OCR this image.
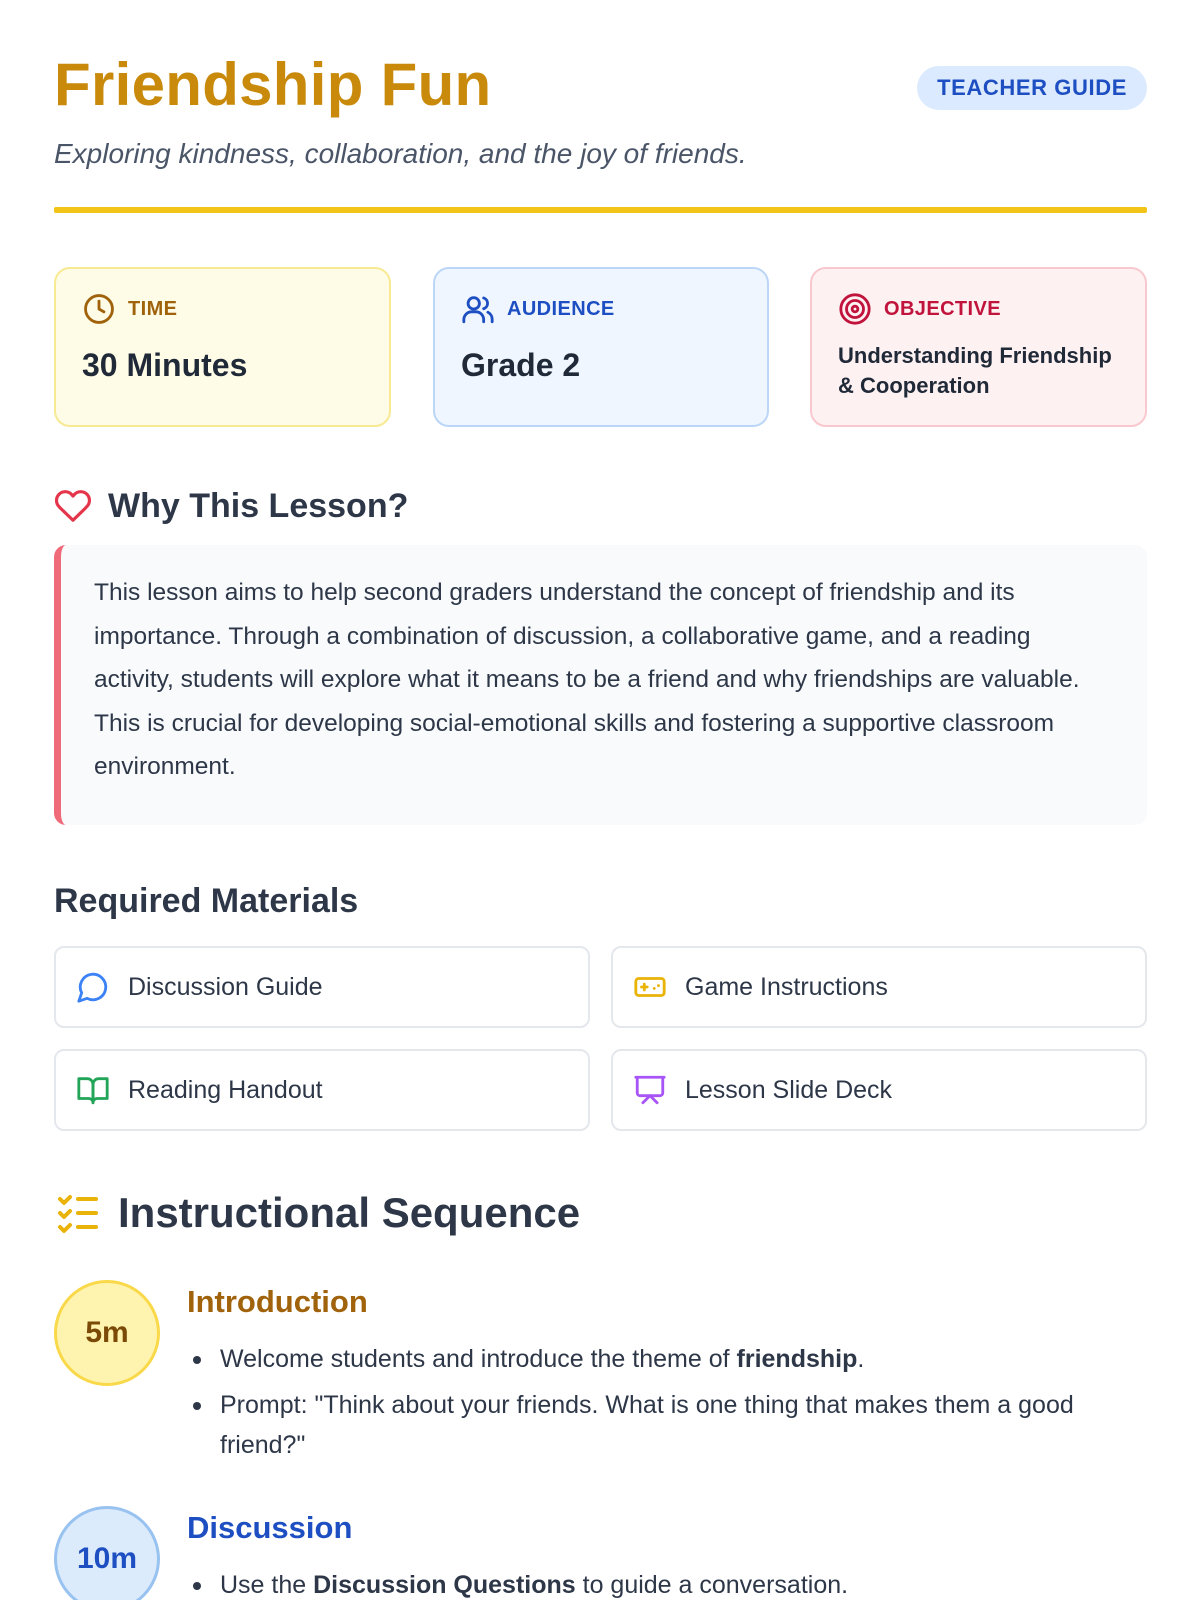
Friendship Fun	TEACHER GUIDE
Exploring kindness, collaboration, and the joy of friends.
TIME
30 Minutes
AUDIENCE
Grade 2
OBJECTIVE
Understanding Friendship & Cooperation
Why This Lesson?
This lesson aims to help second graders understand the concept of friendship and its importance. Through a combination of discussion, a collaborative game, and a reading activity, students will explore what it means to be a friend and why friendships are valuable. This is crucial for developing social-emotional skills and fostering a supportive classroom environment.
Required Materials
Discussion Guide	Game Instructions
Reading Handout	Lesson Slide Deck
Instructional Sequence
5m
Introduction
Welcome students and introduce the theme of friendship.
Prompt: "Think about your friends. What is one thing that makes them a good friend?"
10m
Discussion
Use the Discussion Questions to guide a conversation.
